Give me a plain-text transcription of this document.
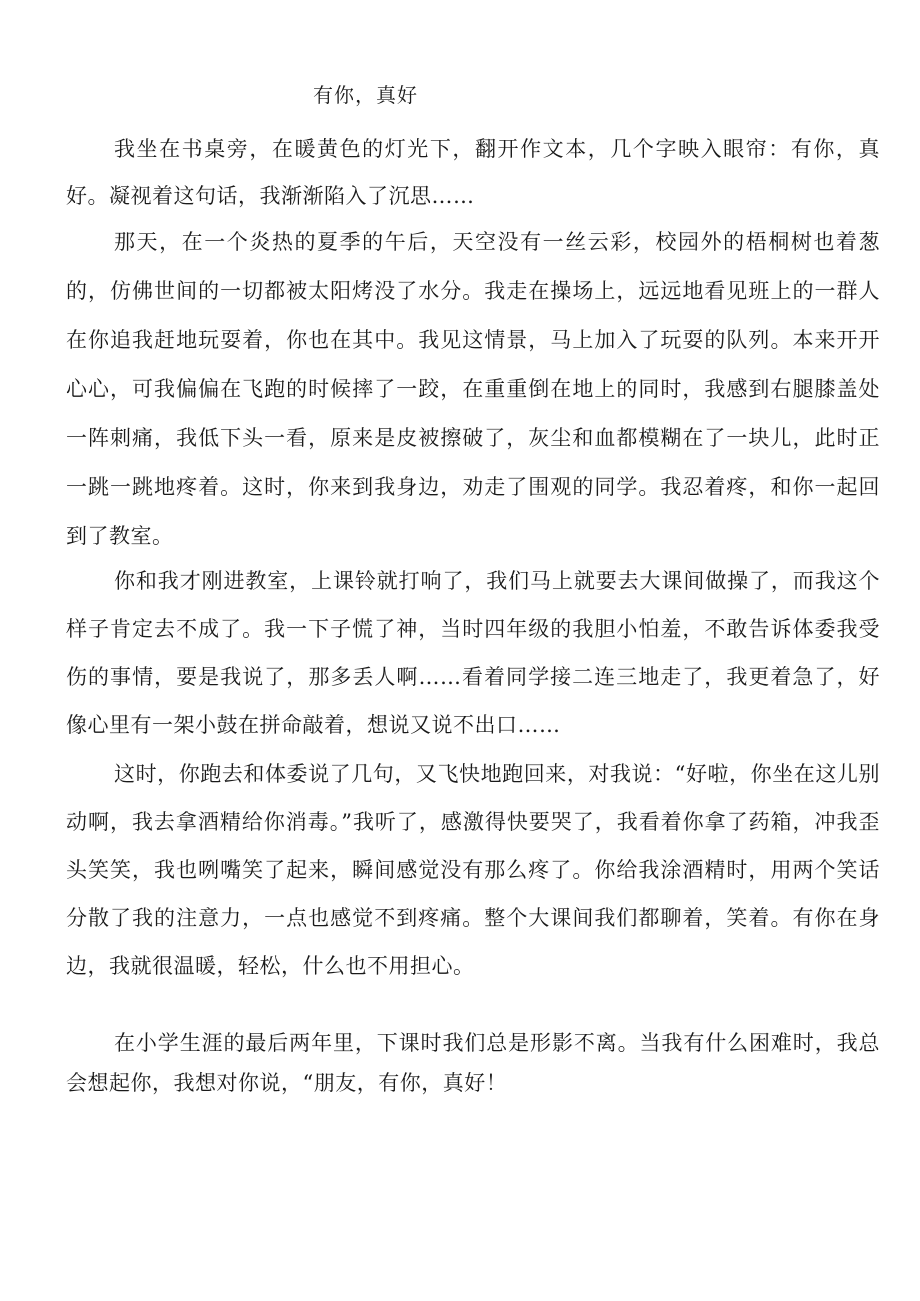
有你，真好

我坐在书桌旁，在暖黄色的灯光下，翻开作文本，几个字映入眼帘：有你，真好。凝视着这句话，我渐渐陷入了沉思……

那天，在一个炎热的夏季的午后，天空没有一丝云彩，校园外的梧桐树也着葱的，仿佛世间的一切都被太阳烤没了水分。我走在操场上，远远地看见班上的一群人在你追我赶地玩耍着，你也在其中。我见这情景，马上加入了玩耍的队列。本来开开心心，可我偏偏在飞跑的时候摔了一跤，在重重倒在地上的同时，我感到右腿膝盖处一阵刺痛，我低下头一看，原来是皮被擦破了，灰尘和血都模糊在了一块儿，此时正一跳一跳地疼着。这时，你来到我身边，劝走了围观的同学。我忍着疼，和你一起回到了教室。

你和我才刚进教室，上课铃就打响了，我们马上就要去大课间做操了，而我这个样子肯定去不成了。我一下子慌了神，当时四年级的我胆小怕羞，不敢告诉体委我受伤的事情，要是我说了，那多丢人啊……看着同学接二连三地走了，我更着急了，好像心里有一架小鼓在拼命敲着，想说又说不出口……

这时，你跑去和体委说了几句，又飞快地跑回来，对我说：“好啦，你坐在这儿别动啊，我去拿酒精给你消毒。”我听了，感激得快要哭了，我看着你拿了药箱，冲我歪头笑笑，我也咧嘴笑了起来，瞬间感觉没有那么疼了。你给我涂酒精时，用两个笑话分散了我的注意力，一点也感觉不到疼痛。整个大课间我们都聊着，笑着。有你在身边，我就很温暖，轻松，什么也不用担心。

在小学生涯的最后两年里，下课时我们总是形影不离。当我有什么困难时，我总会想起你，我想对你说，“朋友，有你，真好！
